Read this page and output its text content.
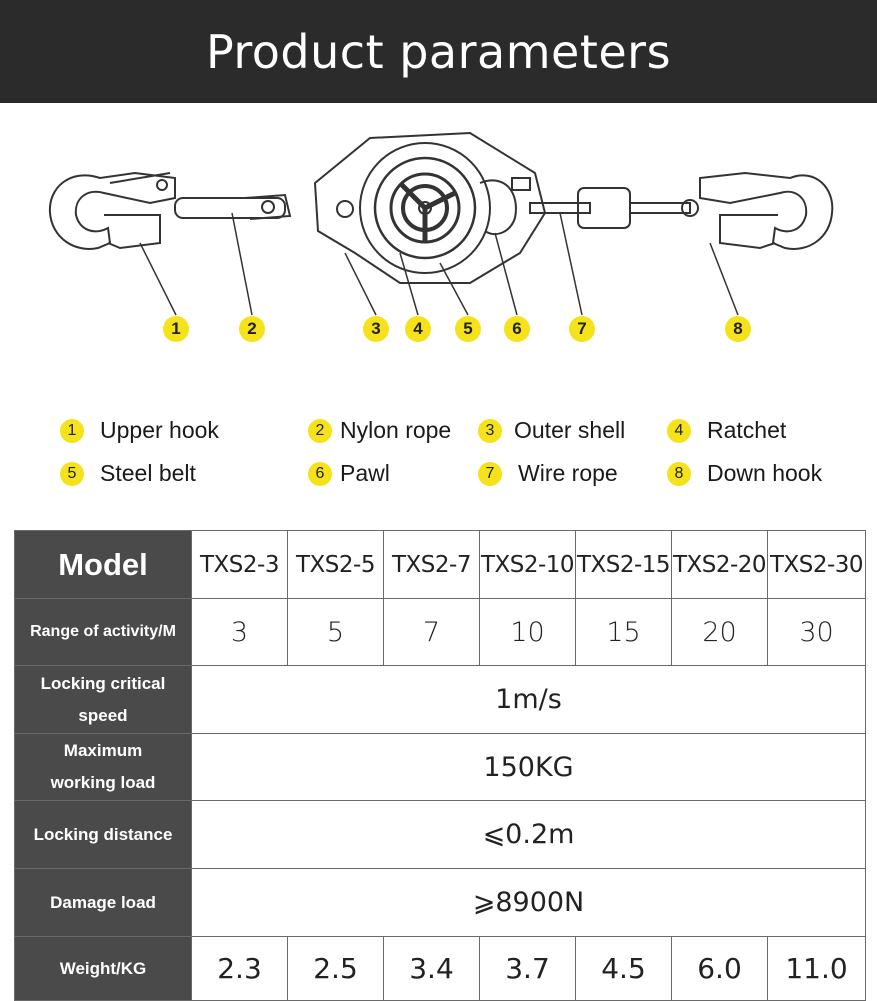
Product parameters
1	2	3	4	5	6	7	8
1	Upper hook	2 Nylon rope	3 Outer shell	4	Ratchet
5	Steel belt	6 Pawl	7	Wire rope	8	Down hook
Model	TXS2-3	TXS2-5	TXS2-7	TXS2-10	TXS2-15	TXS2-20	TXS2-30
Range of activity/M	3	5	7	10	15	20	30
Locking critical
speed	1m/s						
Maximum
working load	150KG						
Locking distance	⩽0.2m						
Damage load	⩾8900N						
Weight/KG	2.3	2.5	3.4	3.7	4.5	6.0	11.0
